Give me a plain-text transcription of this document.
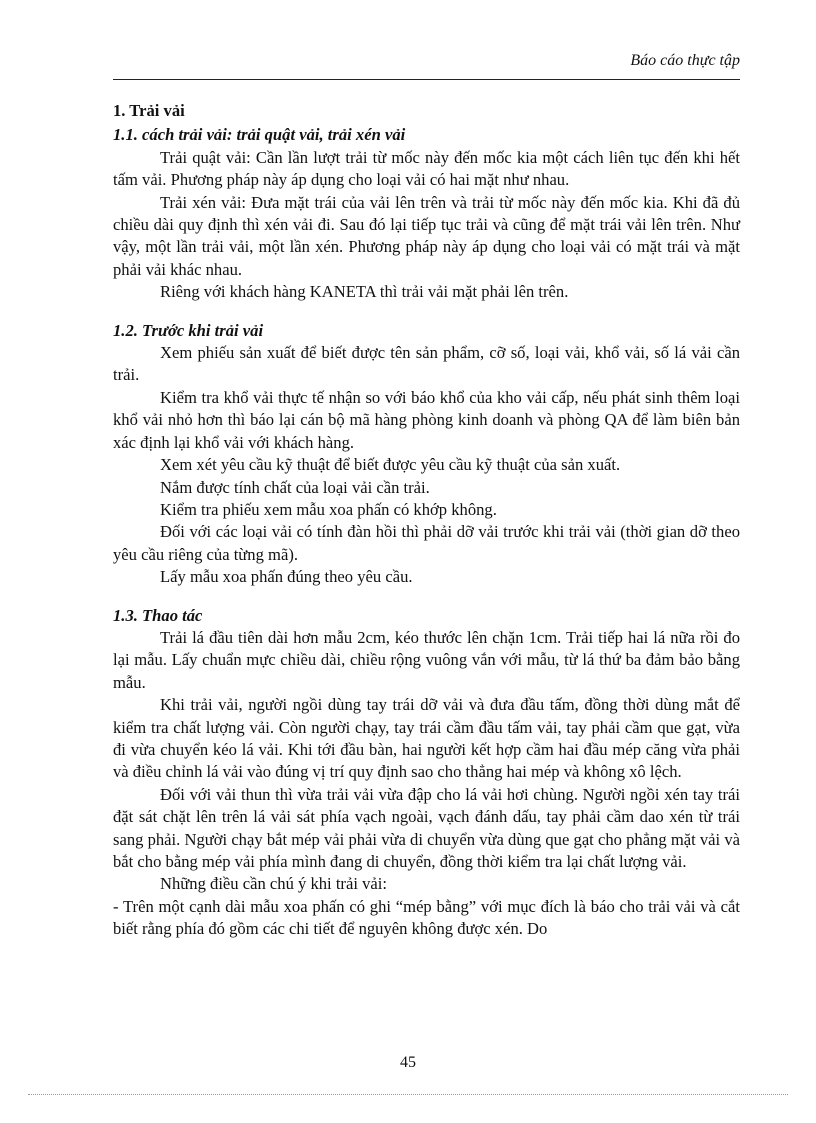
Báo cáo thực tập
1. Trải vải
1.1. cách trải vải: trải quật vải, trải xén vải

Trải quật vải: Cần lần lượt trải từ mốc này đến mốc kia một cách liên tục đến khi hết tấm vải. Phương pháp này áp dụng cho loại vải có hai mặt như nhau.

Trải xén vải: Đưa mặt trái của vải lên trên và trải từ mốc này đến mốc kia. Khi đã đủ chiều dài quy định thì xén vải đi. Sau đó lại tiếp tục trải và cũng để mặt trái vải lên trên. Như vậy, một lần trải vải, một lần xén. Phương pháp này áp dụng cho loại vải có mặt trái và mặt phải vải khác nhau.

Riêng với khách hàng KANETA thì trải vải mặt phải lên trên.

1.2. Trước khi trải vải

Xem phiếu sản xuất để biết được tên sản phẩm, cỡ số, loại vải, khổ vải, số lá vải cần trải.

Kiểm tra khổ vải thực tế nhận so với báo khổ của kho vải cấp, nếu phát sinh thêm loại khổ vải nhỏ hơn thì báo lại cán bộ mã hàng phòng kinh doanh và phòng QA để làm biên bản xác định lại khổ vải với khách hàng.

Xem xét yêu cầu kỹ thuật để biết được yêu cầu kỹ thuật của sản xuất.

Nắm được tính chất của loại vải cần trải.

Kiểm tra phiếu xem mẫu xoa phấn có khớp không.

Đối với các loại vải có tính đàn hồi thì phải dỡ vải trước khi trải vải (thời gian dỡ theo yêu cầu riêng của từng mã).

Lấy mẫu xoa phấn đúng theo yêu cầu.

1.3. Thao tác

Trải lá đầu tiên dài hơn mẫu 2cm, kéo thước lên chặn 1cm. Trải tiếp hai lá nữa rồi đo lại mẫu. Lấy chuẩn mực chiều dài, chiều rộng vuông vắn với mẫu, từ lá thứ ba đảm bảo bằng mẫu.

Khi trải vải, người ngồi dùng tay trái dỡ vải và đưa đầu tấm, đồng thời dùng mắt để kiểm tra chất lượng vải. Còn người chạy, tay trái cầm đầu tấm vải, tay phải cầm que gạt, vừa đi vừa chuyển kéo lá vải. Khi tới đầu bàn, hai người kết hợp cầm hai đầu mép căng vừa phải và điều chỉnh lá vải vào đúng vị trí quy định sao cho thẳng hai mép và không xô lệch.

Đối với vải thun thì vừa trải vải vừa đập cho lá vải hơi chùng. Người ngồi xén tay trái đặt sát chặt lên trên lá vải sát phía vạch ngoài, vạch đánh dấu, tay phải cầm dao xén từ trái sang phải. Người chạy bắt mép vải phải vừa di chuyển vừa dùng que gạt cho phẳng mặt vải và bắt cho bằng mép vải phía mình đang di chuyển, đồng thời kiểm tra lại chất lượng vải.

Những điều cần chú ý khi trải vải:

- Trên một cạnh dài mẫu xoa phấn có ghi “mép bằng” với mục đích là báo cho trải vải và cắt biết rằng phía đó gồm các chi tiết để nguyên không được xén. Do

45
